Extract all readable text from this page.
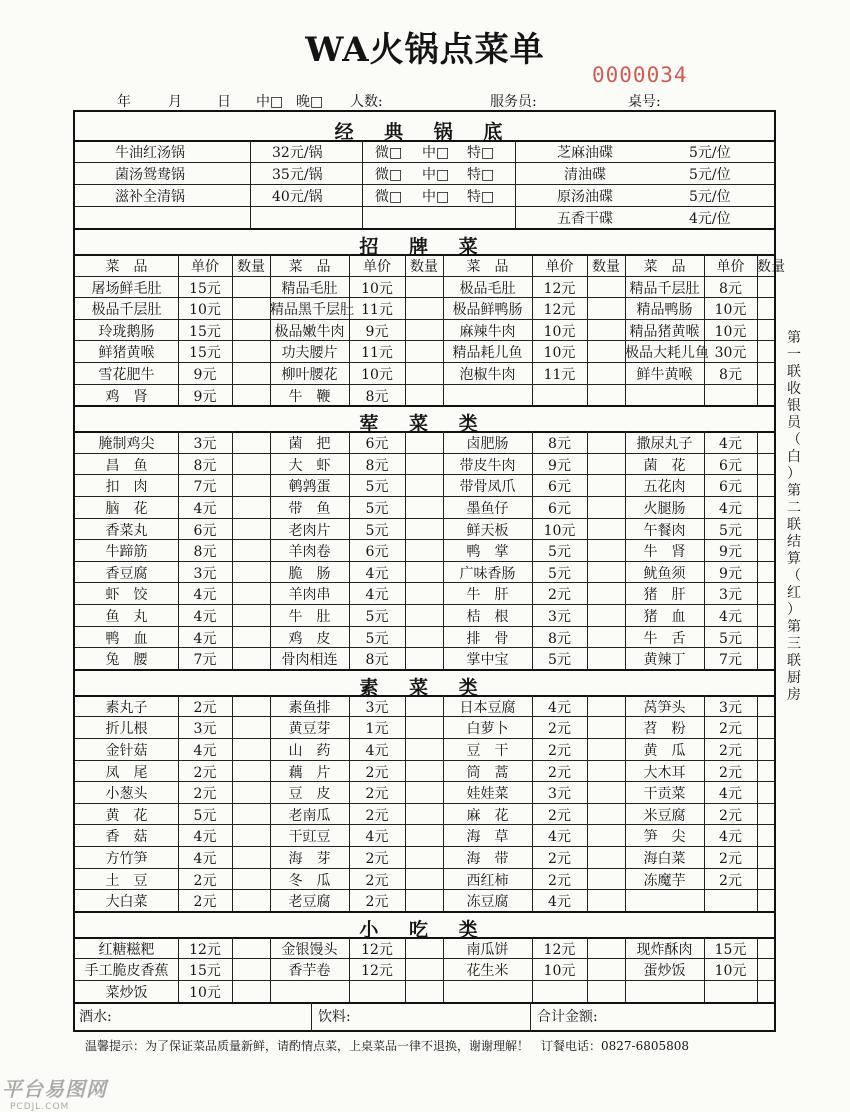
WA火锅点菜单
0000034
年	月	日 中□ 晚□ 人数:	服务员:	桌号:
经 典 锅 底
牛油红汤锅	32元/锅	微□ 中□ 特□	芝麻油碟	5元/位
菌汤鸳鸯锅	35元/锅	微□ 中□ 特□	清油碟	5元/位
滋补全清锅	40元/锅	微□ 中□ 特□	原汤油碟	5元/位
五香干碟	4元/位
招 牌 菜
菜　品	单价	数量	菜　品	单价	数量	菜　品	单价	数量	菜　品	单价 数量
屠场鲜毛肚	15元	精品毛肚	10元	极品毛肚	12元	精品千层肚	8元
极品千层肚	10元	精品黑千层肚 11元	极品鲜鸭肠	12元	精品鸭肠	10元
玲珑鹅肠	15元	极品嫩牛肉	9元	麻辣牛肉	10元	精品猪黄喉	10元
鲜猪黄喉	15元	功夫腰片	11元	精品耗儿鱼	10元	极品大耗儿鱼 30元
雪花肥牛	9元	柳叶腰花	10元	泡椒牛肉	11元	鲜牛黄喉	8元
鸡　肾	9元	牛　鞭	8元
荤 菜 类
腌制鸡尖	3元	菌　把	6元	卤肥肠	8元	撒尿丸子	4元
昌　鱼	8元	大　虾	8元	带皮牛肉	9元	菌　花	6元
扣　肉	7元	鹌鹑蛋	5元	带骨凤爪	6元	五花肉	6元
脑　花	4元	带　鱼	5元	墨鱼仔	6元	火腿肠	4元
香菜丸	6元	老肉片	5元	鲜天板	10元	午餐肉	5元
牛蹄筋	8元	羊肉卷	6元	鸭　掌	5元	牛　肾	9元
香豆腐	3元	脆　肠	4元	广味香肠	5元	鱿鱼须	9元
虾　饺	4元	羊肉串	4元	牛　肝	2元	猪　肝	3元
鱼　丸	4元	牛　肚	5元	桔　根	3元	猪　血	4元
鸭　血	4元	鸡　皮	5元	排　骨	8元	牛　舌	5元
兔　腰	7元	骨肉相连	8元	掌中宝	5元	黄辣丁	7元
素 菜 类
素丸子	2元	素鱼排	3元	日本豆腐	4元	莴笋头	3元
折儿根	3元	黄豆芽	1元	白萝卜	2元	苕　粉	2元
金针菇	4元	山　药	4元	豆　干	2元	黄　瓜	2元
凤　尾	2元	藕　片	2元	筒　蒿	2元	大木耳	2元
小葱头	2元	豆　皮	2元	娃娃菜	3元	干贡菜	4元
黄　花	5元	老南瓜	2元	麻　花	2元	米豆腐	2元
香　菇	4元	干豇豆	4元	海　草	4元	笋　尖	4元
方竹笋	4元	海　芽	2元	海　带	2元	海白菜	2元
土　豆	2元	冬　瓜	2元	西红柿	2元	冻魔芋	2元
大白菜	2元	老豆腐	2元	冻豆腐	4元
小 吃 类
红糖糍粑	12元	金银馒头	12元	南瓜饼	12元	现炸酥肉	15元
手工脆皮香蕉	15元	香芋卷	12元	花生米	10元	蛋炒饭	10元
菜炒饭	10元
酒水:	饮料:	合计金额:
温馨提示：为了保证菜品质量新鲜，请酌情点菜，上桌菜品一律不退换，谢谢理解！　订餐电话：0827-6805808
第
一
联
收
银
员
（
白
）
第
二
联
结
算
（
红
）
第
三
联
厨
房
平台易图网
PCDJL.COM
